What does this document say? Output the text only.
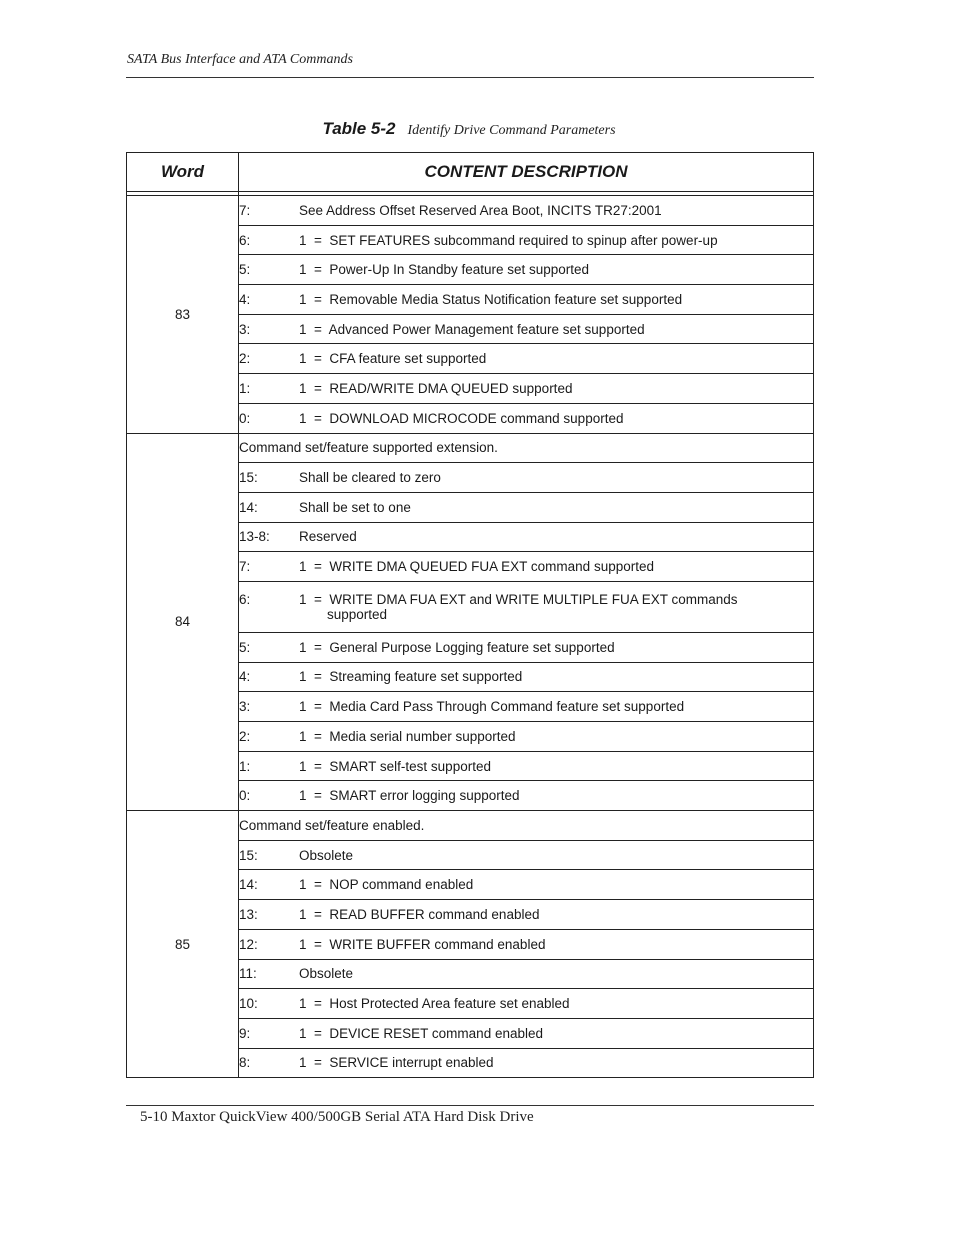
SATA Bus Interface and ATA Commands
Table 5-2 Identify Drive Command Parameters
Word	CONTENT DESCRIPTION

83	7: See Address Offset Reserved Area Boot, INCITS TR27:2001
	6: 1  =  SET FEATURES subcommand required to spinup after power-up
	5: 1  =  Power-Up In Standby feature set supported
	4: 1  =  Removable Media Status Notification feature set supported
	3: 1  =  Advanced Power Management feature set supported
	2: 1  =  CFA feature set supported
	1: 1  =  READ/WRITE DMA QUEUED supported
	0: 1  =  DOWNLOAD MICROCODE command supported
84	Command set/feature supported extension.
	15: Shall be cleared to zero
	14: Shall be set to one
	13-8: Reserved
	7: 1  =  WRITE DMA QUEUED FUA EXT command supported
	6: 1  =  WRITE DMA FUA EXT and WRITE MULTIPLE FUA EXT commands
supported

	5: 1  =  General Purpose Logging feature set supported
	4: 1  =  Streaming feature set supported
	3: 1  =  Media Card Pass Through Command feature set supported
	2: 1  =  Media serial number supported
	1: 1  =  SMART self-test supported
	0: 1  =  SMART error logging supported
85	Command set/feature enabled.
	15: Obsolete
	14: 1  =  NOP command enabled
	13: 1  =  READ BUFFER command enabled
	12: 1  =  WRITE BUFFER command enabled
	11: Obsolete
	10: 1  =  Host Protected Area feature set enabled
	9: 1  =  DEVICE RESET command enabled
	8: 1  =  SERVICE interrupt enabled
5-10 Maxtor QuickView 400/500GB Serial ATA Hard Disk Drive
